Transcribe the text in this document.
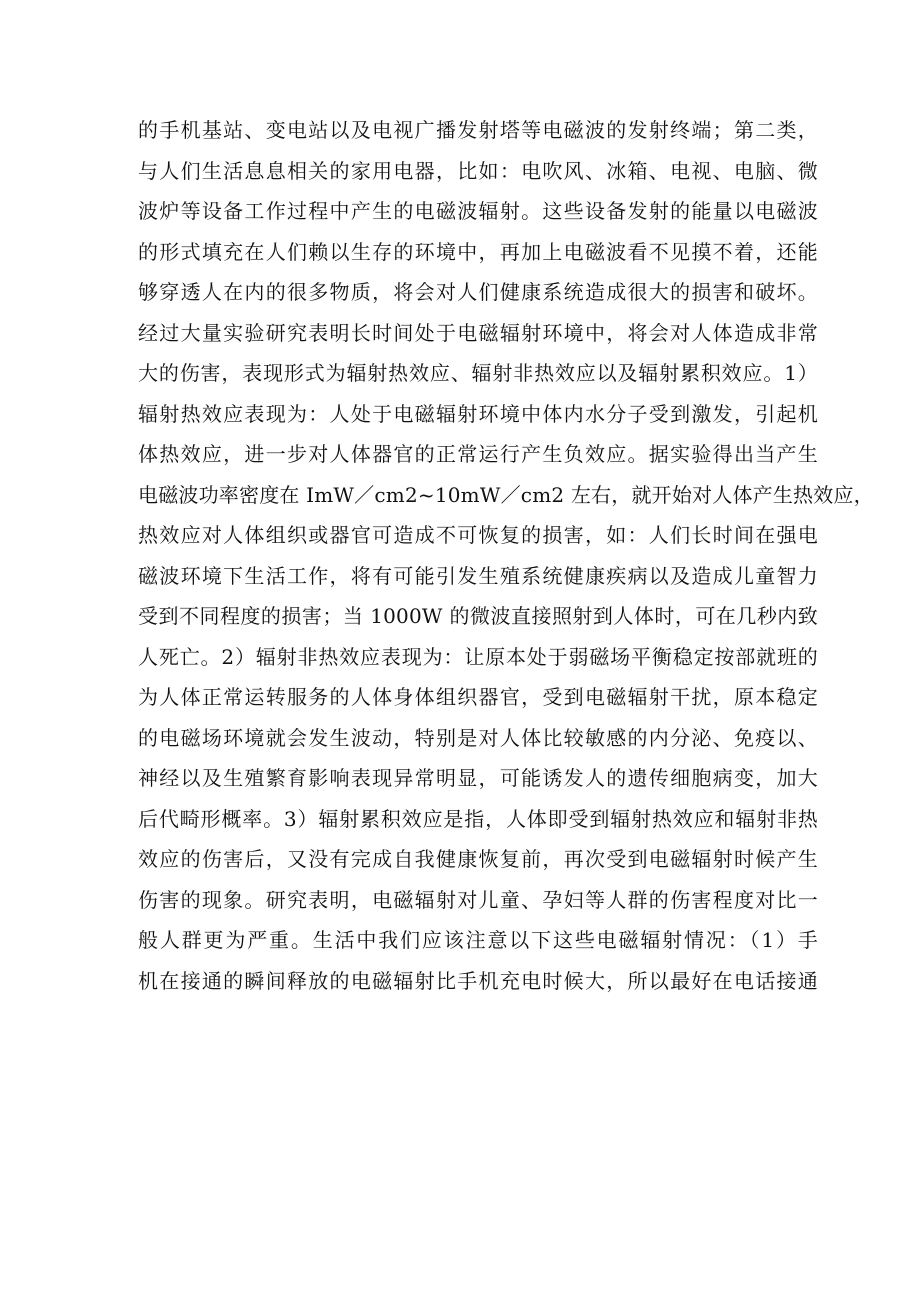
的手机基站、变电站以及电视广播发射塔等电磁波的发射终端；第二类，
与人们生活息息相关的家用电器，比如：电吹风、冰箱、电视、电脑、微
波炉等设备工作过程中产生的电磁波辐射。这些设备发射的能量以电磁波
的形式填充在人们赖以生存的环境中，再加上电磁波看不见摸不着，还能
够穿透人在内的很多物质，将会对人们健康系统造成很大的损害和破坏。
经过大量实验研究表明长时间处于电磁辐射环境中，将会对人体造成非常
大的伤害，表现形式为辐射热效应、辐射非热效应以及辐射累积效应。1）
辐射热效应表现为：人处于电磁辐射环境中体内水分子受到激发，引起机
体热效应，进一步对人体器官的正常运行产生负效应。据实验得出当产生
电磁波功率密度在 ImW／cm2~10mW／cm2 左右，就开始对人体产生热效应，
热效应对人体组织或器官可造成不可恢复的损害，如：人们长时间在强电
磁波环境下生活工作，将有可能引发生殖系统健康疾病以及造成儿童智力
受到不同程度的损害；当 1000W 的微波直接照射到人体时，可在几秒内致
人死亡。2）辐射非热效应表现为：让原本处于弱磁场平衡稳定按部就班的
为人体正常运转服务的人体身体组织器官，受到电磁辐射干扰，原本稳定
的电磁场环境就会发生波动，特别是对人体比较敏感的内分泌、免疫以、
神经以及生殖繁育影响表现异常明显，可能诱发人的遗传细胞病变，加大
后代畸形概率。3）辐射累积效应是指，人体即受到辐射热效应和辐射非热
效应的伤害后，又没有完成自我健康恢复前，再次受到电磁辐射时候产生
伤害的现象。研究表明，电磁辐射对儿童、孕妇等人群的伤害程度对比一
般人群更为严重。生活中我们应该注意以下这些电磁辐射情况：（1）手
机在接通的瞬间释放的电磁辐射比手机充电时候大，所以最好在电话接通
